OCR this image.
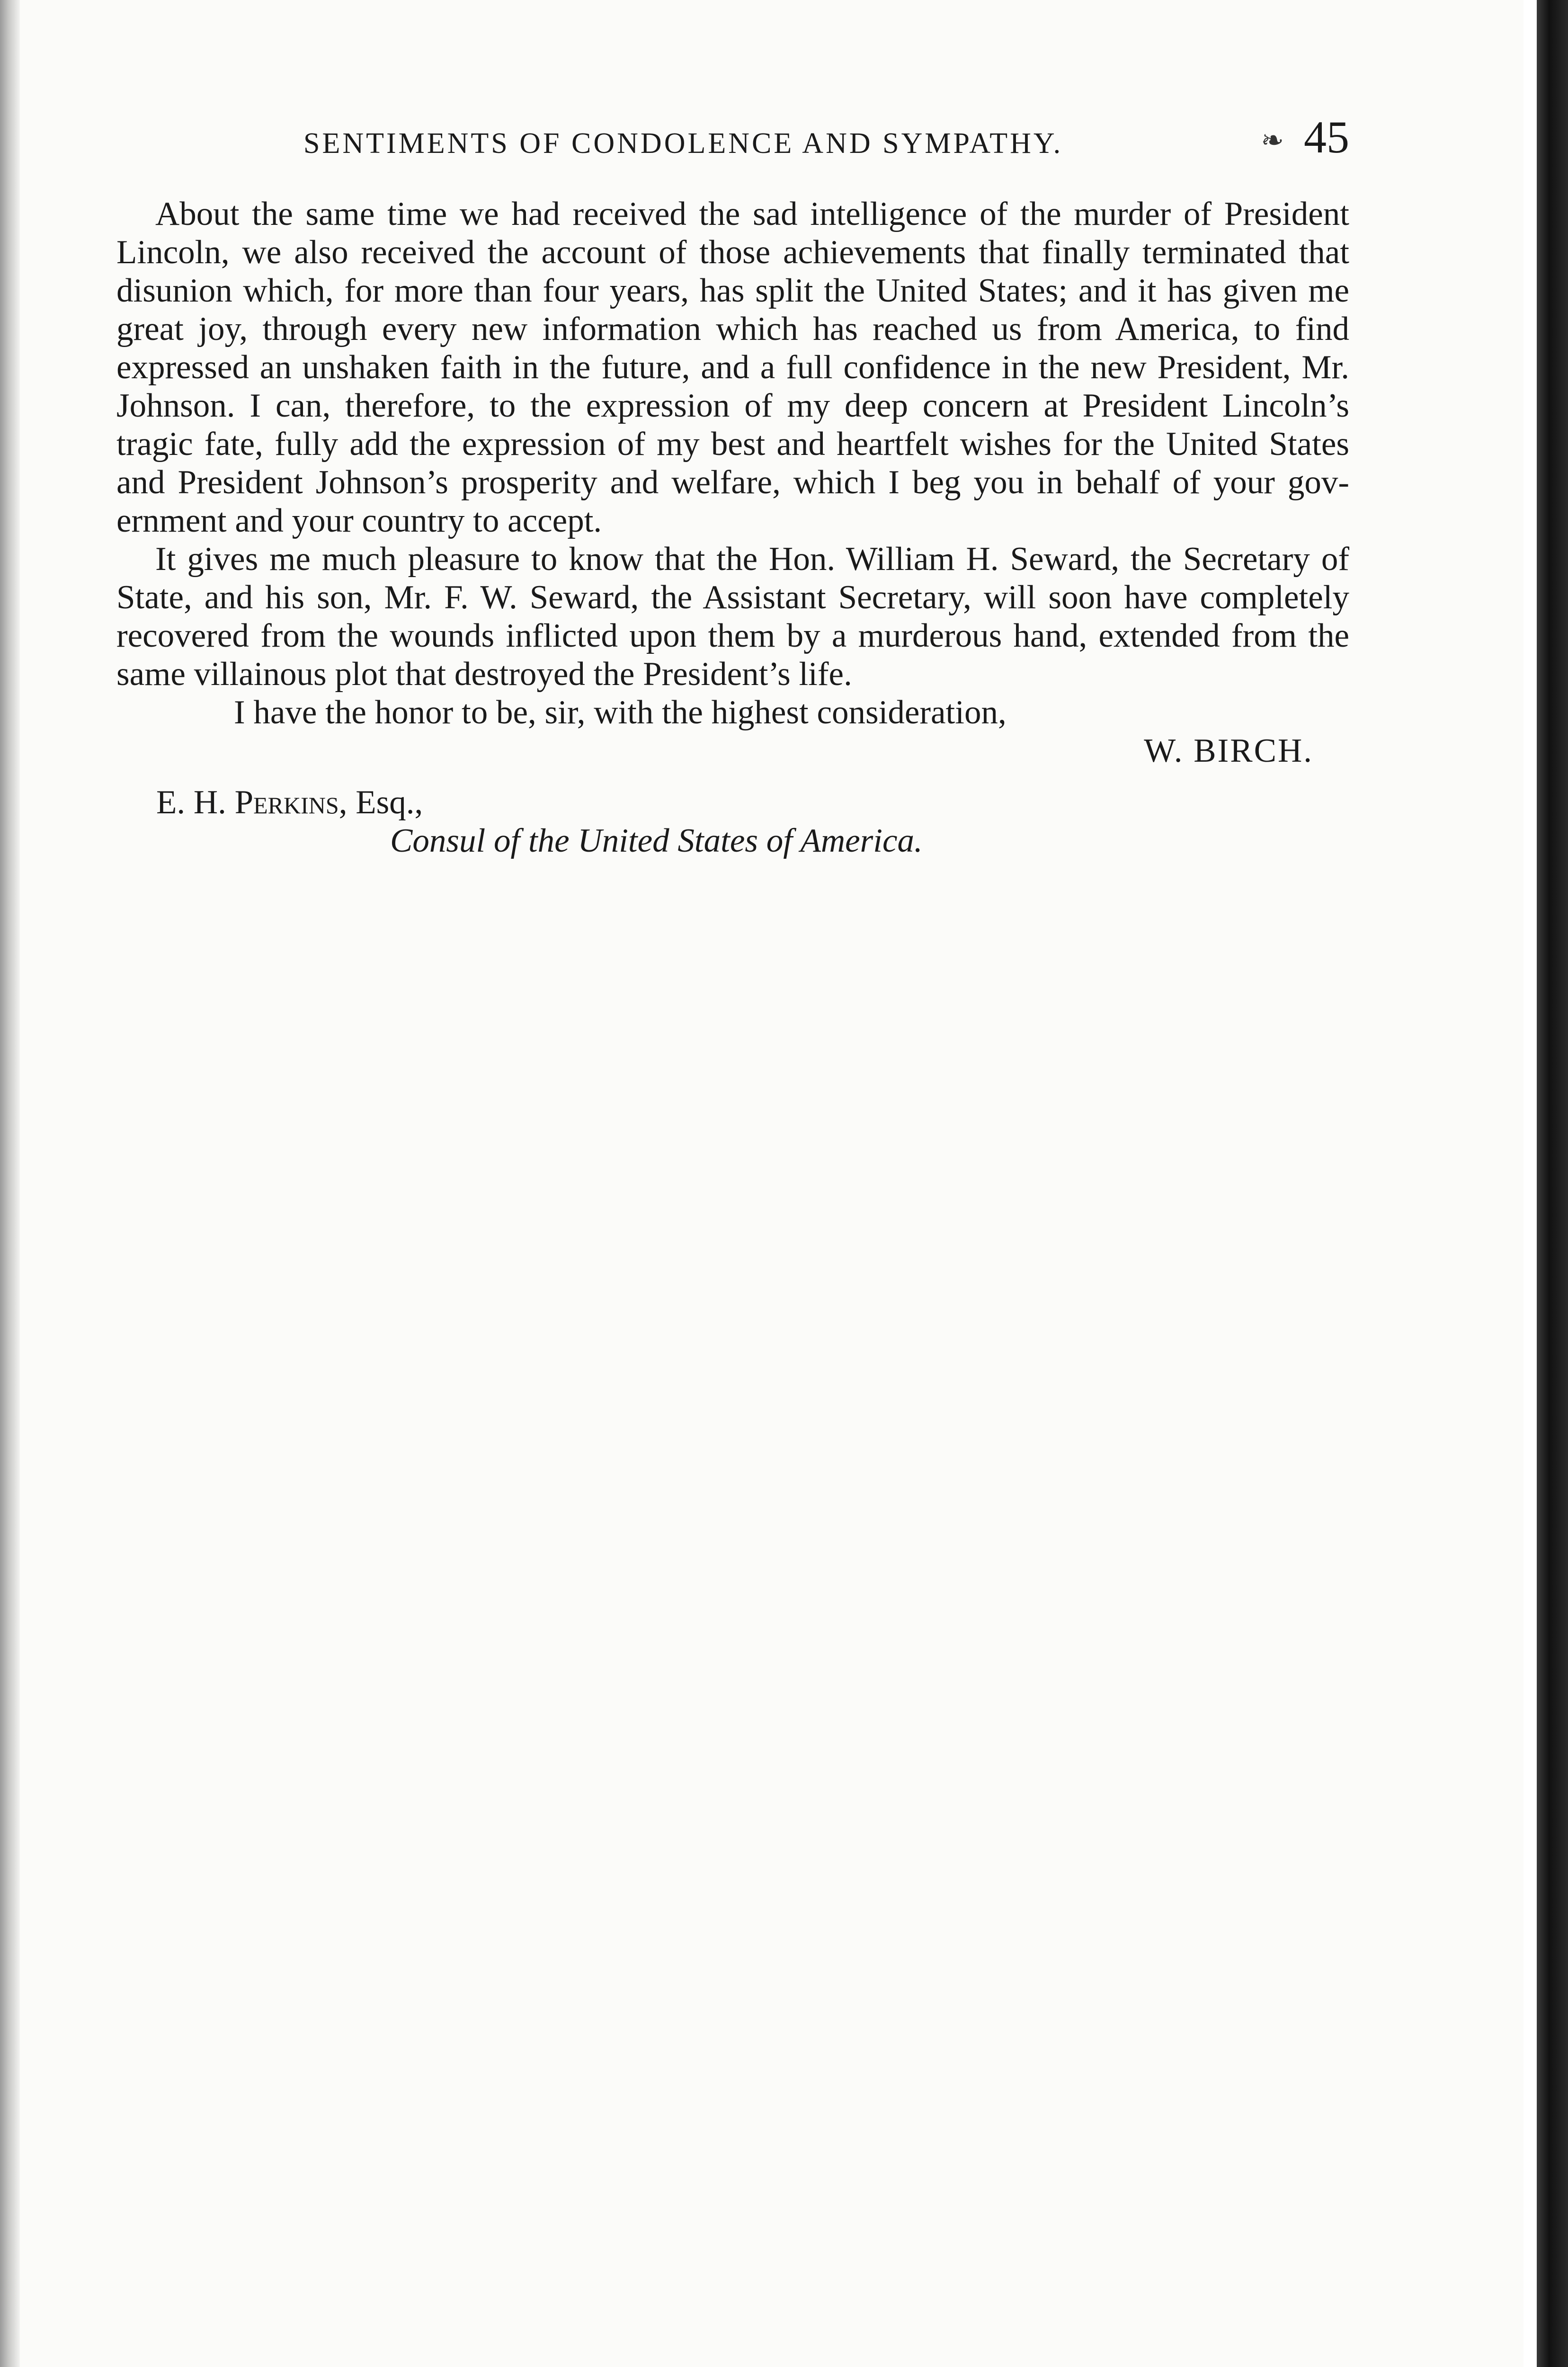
SENTIMENTS OF CONDOLENCE AND SYMPATHY.	❧ 45

About the same time we had received the sad intelligence of the murder of President Lincoln, we also received the account of those achievements that finally terminated that disunion which, for more than four years, has split the United States; and it has given me great joy, through every new information which has reached us from America, to find expressed an unshaken faith in the future, and a full confidence in the new President, Mr. Johnson. I can, therefore, to the expression of my deep concern at President Lincoln’s tragic fate, fully add the expression of my best and heartfelt wishes for the United States and President Johnson’s prosperity and welfare, which I beg you in behalf of your government and your country to accept.

It gives me much pleasure to know that the Hon. William H. Seward, the Secretary of State, and his son, Mr. F. W. Seward, the Assistant Secretary, will soon have completely recovered from the wounds inflicted upon them by a murderous hand, extended from the same villainous plot that destroyed the President’s life.

I have the honor to be, sir, with the highest consideration,

W. BIRCH.
E. H. Perkins, Esq.,
Consul of the United States of America.
